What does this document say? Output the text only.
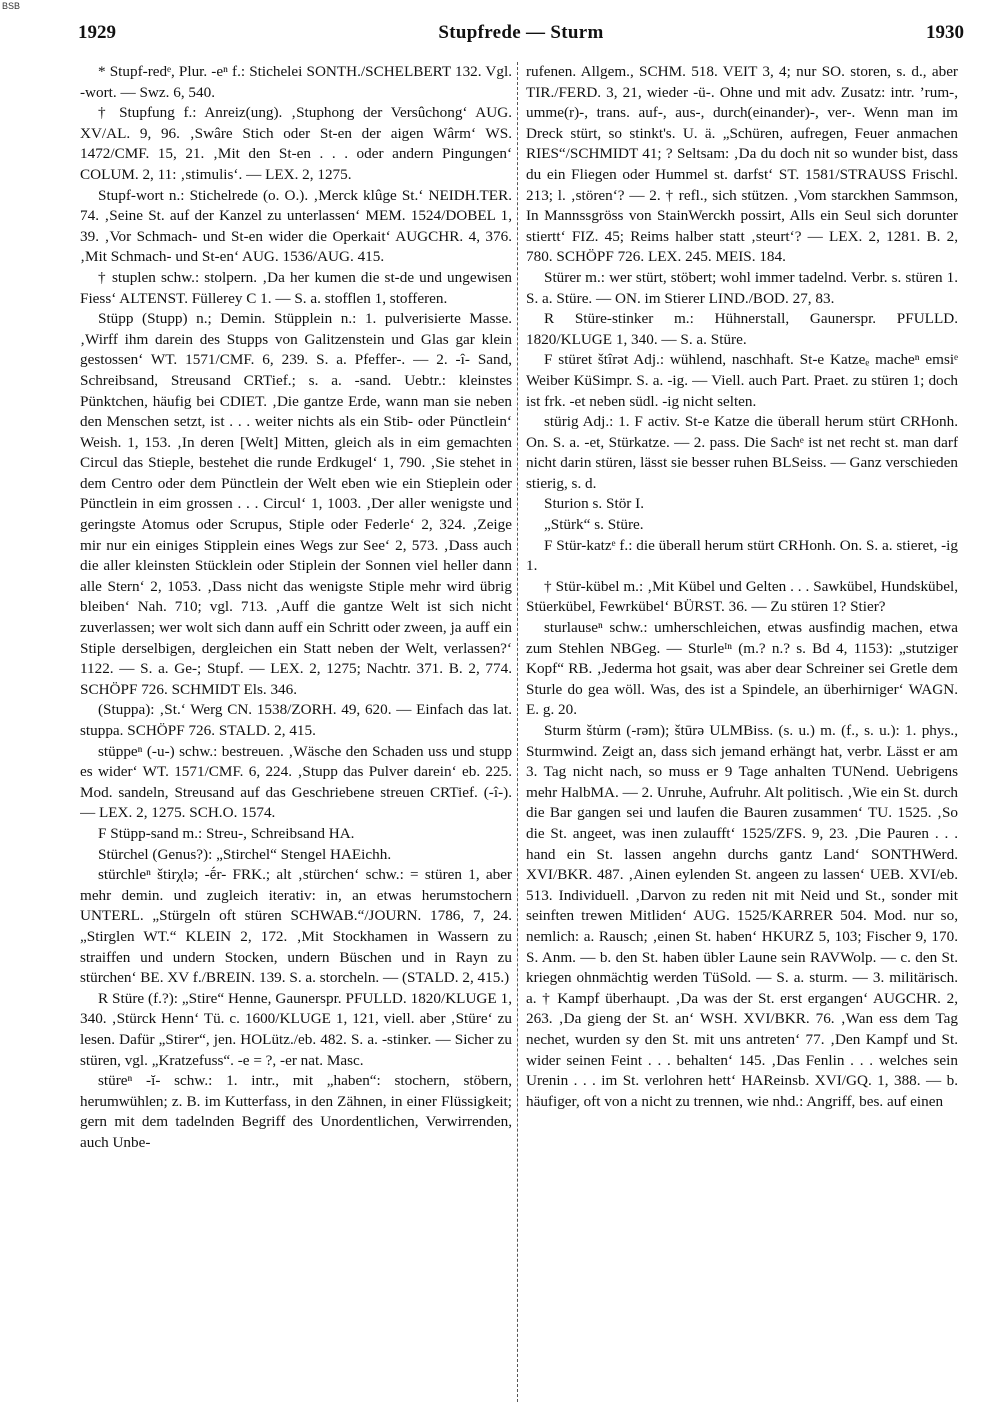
BSB
1929	Stupfrede — Sturm	1930

* Stupf-redᵉ, Plur. -eⁿ f.: Stichelei SONTH./SCHELBERT 132. Vgl. -wort. — Swz. 6, 540.

† Stupfung f.: Anreiz(ung). ‚Stuphong der Versûchong‘ AUG. XV/AL. 9, 96. ‚Swâre Stich oder St-en der aigen Wârm‘ WS. 1472/CMF. 15, 21. ‚Mit den St-en . . . oder andern Pingungen‘ COLUM. 2, 11: ‚stimulis‘. — LEX. 2, 1275.

Stupf-wort n.: Stichelrede (o. O.). ‚Merck klûge St.‘ NEIDH.TER. 74. ‚Seine St. auf der Kanzel zu unterlassen‘ MEM. 1524/DOBEL 1, 39. ‚Vor Schmach- und St-en wider die Operkait‘ AUGCHR. 4, 376. ‚Mit Schmach- und St-en‘ AUG. 1536/AUG. 415.

† stuplen schw.: stolpern. ‚Da her kumen die st-de und ungewisen Fiess‘ ALTENST. Füllerey C 1. — S. a. stofflen 1, stofferen.

Stüpp (Stupp) n.; Demin. Stüpplein n.: 1. pulverisierte Masse. ‚Wirff ihm darein des Stupps von Galitzenstein und Glas gar klein gestossen‘ WT. 1571/CMF. 6, 239. S. a. Pfeffer-. — 2. -î- Sand, Schreibsand, Streusand CRTief.; s. a. -sand. Uebtr.: kleinstes Pünktchen, häufig bei CDIET. ‚Die gantze Erde, wann man sie neben den Menschen setzt, ist . . . weiter nichts als ein Stib- oder Pünctlein‘ Weish. 1, 153. ‚In deren [Welt] Mitten, gleich als in eim gemachten Circul das Stieple, bestehet die runde Erdkugel‘ 1, 790. ‚Sie stehet in dem Centro oder dem Pünctlein der Welt eben wie ein Stieplein oder Pünctlein in eim grossen . . . Circul‘ 1, 1003. ‚Der aller wenigste und geringste Atomus oder Scrupus, Stiple oder Federle‘ 2, 324. ‚Zeige mir nur ein einiges Stipplein eines Wegs zur See‘ 2, 573. ‚Dass auch die aller kleinsten Stücklein oder Stiplein der Sonnen viel heller dann alle Stern‘ 2, 1053. ‚Dass nicht das wenigste Stiple mehr wird übrig bleiben‘ Nah. 710; vgl. 713. ‚Auff die gantze Welt ist sich nicht zuverlassen; wer wolt sich dann auff ein Schritt oder zween, ja auff ein Stiple derselbigen, dergleichen ein Statt neben der Welt, verlassen?‘ 1122. — S. a. Ge-; Stupf. — LEX. 2, 1275; Nachtr. 371. B. 2, 774. SCHÖPF 726. SCHMIDT Els. 346.

(Stuppa): ‚St.‘ Werg CN. 1538/ZORH. 49, 620. — Einfach das lat. stuppa. SCHÖPF 726. STALD. 2, 415.

stüppeⁿ (-u-) schw.: bestreuen. ‚Wäsche den Schaden uss und stupp es wider‘ WT. 1571/CMF. 6, 224. ‚Stupp das Pulver darein‘ eb. 225. Mod. sandeln, Streusand auf das Geschriebene streuen CRTief. (-î-). — LEX. 2, 1275. SCH.O. 1574.

F Stüpp-sand m.: Streu-, Schreibsand HA.

Stürchel (Genus?): „Stirchel“ Stengel HAEichh.

stürchleⁿ štirχlə; -ḗr- FRK.; alt ‚stürchen‘ schw.: = stüren 1, aber mehr demin. und zugleich iterativ: in, an etwas herumstochern UNTERL. „Stürgeln oft stüren SCHWAB.“/JOURN. 1786, 7, 24. „Stirglen WT.“ KLEIN 2, 172. ‚Mit Stockhamen in Wassern zu straiffen und undern Stocken, undern Büschen und in Rayn zu stürchen‘ BE. XV f./BREIN. 139. S. a. storcheln. — (STALD. 2, 415.)

R Stüre (f.?): „Stire“ Henne, Gaunerspr. PFULLD. 1820/KLUGE 1, 340. ‚Stürck Henn‘ Tü. c. 1600/KLUGE 1, 121, viell. aber ‚Stüre‘ zu lesen. Dafür „Stirer“, jen. HOLütz./eb. 482. S. a. -stinker. — Sicher zu stüren, vgl. „Kratzefuss“. -e = ?, -er nat. Masc.

stüreⁿ -ĭ- schw.: 1. intr., mit „haben“: stochern, stöbern, herumwühlen; z. B. im Kutterfass, in den Zähnen, in einer Flüssigkeit; gern mit dem tadelnden Begriff des Unordentlichen, Verwirrenden, auch Unbe-

rufenen. Allgem., SCHM. 518. VEIT 3, 4; nur SO. storen, s. d., aber TIR./FERD. 3, 21, wieder -ü-. Ohne und mit adv. Zusatz: intr. ’rum-, umme(r)-, trans. auf-, aus-, durch(einander)-, ver-. Wenn man im Dreck stürt, so stinkt's. U. ä. „Schüren, aufregen, Feuer anmachen RIES“/SCHMIDT 41; ? Seltsam: ‚Da du doch nit so wunder bist, dass du ein Fliegen oder Hummel st. darfst‘ ST. 1581/STRAUSS Frischl. 213; l. ‚stören‘? — 2. † refl., sich stützen. ‚Vom starckhen Sammson, In Mannssgröss von StainWerckh possirt, Alls ein Seul sich dorunter stiertt‘ FIZ. 45; Reims halber statt ‚steurt‘? — LEX. 2, 1281. B. 2, 780. SCHÖPF 726. LEX. 245. MEIS. 184.

Stürer m.: wer stürt, stöbert; wohl immer tadelnd. Verbr. s. stüren 1. S. a. Stüre. — ON. im Stierer LIND./BOD. 27, 83.

R Stüre-stinker m.: Hühnerstall, Gaunerspr. PFULLD. 1820/KLUGE 1, 340. — S. a. Stüre.

F stüret štîrət Adj.: wühlend, naschhaft. St-e Katzeₑ macheⁿ emsiᵉ Weiber KüSimpr. S. a. -ig. — Viell. auch Part. Praet. zu stüren 1; doch ist frk. -et neben südl. -ig nicht selten.

stürig Adj.: 1. F activ. St-e Katze die überall herum stürt CRHonh. On. S. a. -et, Stürkatze. — 2. pass. Die Sachᵉ ist net recht st. man darf nicht darin stüren, lässt sie besser ruhen BLSeiss. — Ganz verschieden stierig, s. d.

Sturion s. Stör I.

„Stürk“ s. Stüre.

F Stür-katzᵉ f.: die überall herum stürt CRHonh. On. S. a. stieret, -ig 1.

† Stür-kübel m.: ‚Mit Kübel und Gelten . . . Sawkübel, Hundskübel, Stüerkübel, Fewrkübel‘ BÜRST. 36. — Zu stüren 1? Stier?

sturlauseⁿ schw.: umherschleichen, etwas ausfindig machen, etwa zum Stehlen NBGeg. — Sturleᴵⁿ (m.? n.? s. Bd 4, 1153): „stutziger Kopf“ RB. ‚Jederma hot gsait, was aber dear Schreiner sei Gretle dem Sturle do gea wöll. Was, des ist a Spindele, an überhirniger‘ WAGN. E. g. 20.

Sturm štu̇rm (-rəm); štūrə ULMBiss. (s. u.) m. (f., s. u.): 1. phys., Sturmwind. Zeigt an, dass sich jemand erhängt hat, verbr. Lässt er am 3. Tag nicht nach, so muss er 9 Tage anhalten TUNend. Uebrigens mehr HalbMA. — 2. Unruhe, Aufruhr. Alt politisch. ‚Wie ein St. durch die Bar gangen sei und laufen die Bauren zusammen‘ TU. 1525. ‚So die St. angeet, was inen zulaufft‘ 1525/ZFS. 9, 23. ‚Die Pauren . . . hand ein St. lassen angehn durchs gantz Land‘ SONTHWerd. XVI/BKR. 487. ‚Ainen eylenden St. angeen zu lassen‘ UEB. XVI/eb. 513. Individuell. ‚Darvon zu reden nit mit Neid und St., sonder mit seinften trewen Mitliden‘ AUG. 1525/KARRER 504. Mod. nur so, nemlich: a. Rausch; ‚einen St. haben‘ HKURZ 5, 103; Fischer 9, 170. S. Anm. — b. den St. haben übler Laune sein RAVWolp. — c. den St. kriegen ohnmächtig werden TüSold. — S. a. sturm. — 3. militärisch. a. † Kampf überhaupt. ‚Da was der St. erst ergangen‘ AUGCHR. 2, 263. ‚Da gieng der St. an‘ WSH. XVI/BKR. 76. ‚Wan ess dem Tag nechet, wurden sy den St. mit uns antreten‘ 77. ‚Den Kampf und St. wider seinen Feint . . . behalten‘ 145. ‚Das Fenlin . . . welches sein Urenin . . . im St. verlohren hett‘ HAReinsb. XVI/GQ. 1, 388. — b. häufiger, oft von a nicht zu trennen, wie nhd.: Angriff, bes. auf einen
